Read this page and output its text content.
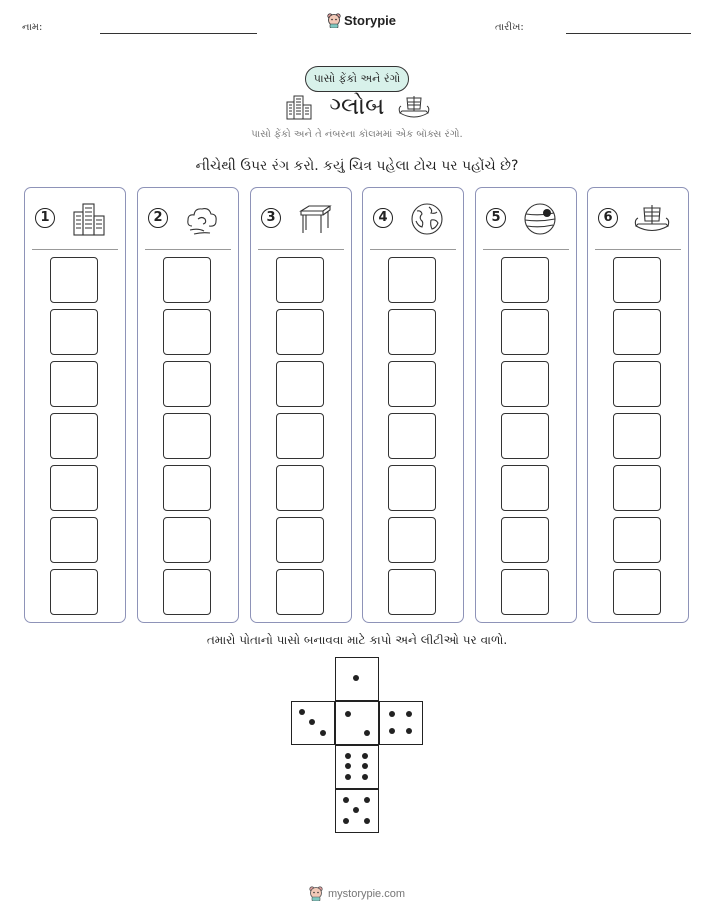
નામ:	Storypie	તારીખ:
પાસો ફેંકો અને રંગો
ગ્લોબ
પાસો ફેંકો અને તે નંબરના કૉલમમાં એક બૉક્સ રંગો.
નીચેથી ઉપર રંગ કરો. કયું ચિત્ર પહેલા ટોચ પર પહોંચે છે?
1	2	3	4	5	6
તમારો પોતાનો પાસો બનાવવા માટે કાપો અને લીટીઓ પર વાળો.
mystorypie.com
